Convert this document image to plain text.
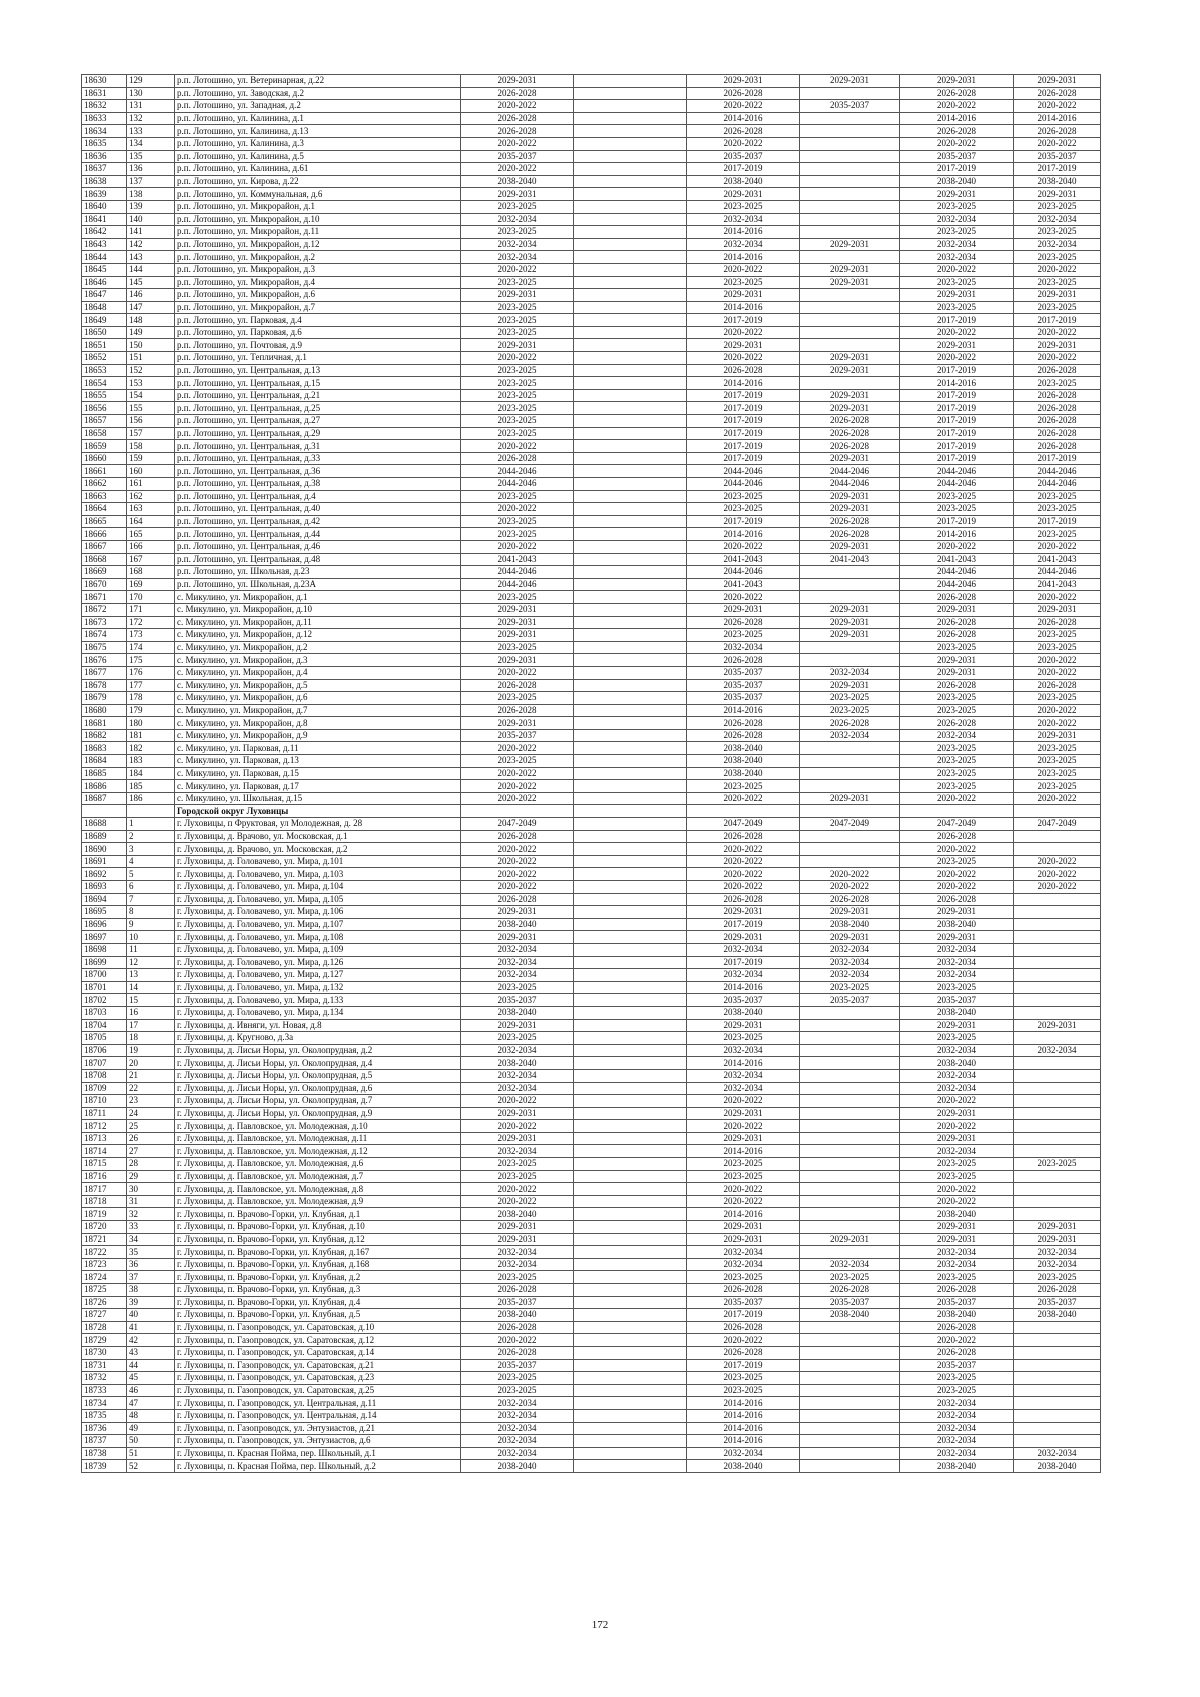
18630	129	р.п. Лотошино, ул. Ветеринарная, д.22	2029-2031		2029-2031	2029-2031	2029-2031	2029-2031
18631	130	р.п. Лотошино, ул. Заводская, д.2	2026-2028		2026-2028		2026-2028	2026-2028
18632	131	р.п. Лотошино, ул. Западная, д.2	2020-2022		2020-2022	2035-2037	2020-2022	2020-2022
18633	132	р.п. Лотошино, ул. Калинина, д.1	2026-2028		2014-2016		2014-2016	2014-2016
18634	133	р.п. Лотошино, ул. Калинина, д.13	2026-2028		2026-2028		2026-2028	2026-2028
18635	134	р.п. Лотошино, ул. Калинина, д.3	2020-2022		2020-2022		2020-2022	2020-2022
18636	135	р.п. Лотошино, ул. Калинина, д.5	2035-2037		2035-2037		2035-2037	2035-2037
18637	136	р.п. Лотошино, ул. Калинина, д.61	2020-2022		2017-2019		2017-2019	2017-2019
18638	137	р.п. Лотошино, ул. Кирова, д.22	2038-2040		2038-2040		2038-2040	2038-2040
18639	138	р.п. Лотошино, ул. Коммунальная, д.6	2029-2031		2029-2031		2029-2031	2029-2031
18640	139	р.п. Лотошино, ул. Микрорайон, д.1	2023-2025		2023-2025		2023-2025	2023-2025
18641	140	р.п. Лотошино, ул. Микрорайон, д.10	2032-2034		2032-2034		2032-2034	2032-2034
18642	141	р.п. Лотошино, ул. Микрорайон, д.11	2023-2025		2014-2016		2023-2025	2023-2025
18643	142	р.п. Лотошино, ул. Микрорайон, д.12	2032-2034		2032-2034	2029-2031	2032-2034	2032-2034
18644	143	р.п. Лотошино, ул. Микрорайон, д.2	2032-2034		2014-2016		2032-2034	2023-2025
18645	144	р.п. Лотошино, ул. Микрорайон, д.3	2020-2022		2020-2022	2029-2031	2020-2022	2020-2022
18646	145	р.п. Лотошино, ул. Микрорайон, д.4	2023-2025		2023-2025	2029-2031	2023-2025	2023-2025
18647	146	р.п. Лотошино, ул. Микрорайон, д.6	2029-2031		2029-2031		2029-2031	2029-2031
18648	147	р.п. Лотошино, ул. Микрорайон, д.7	2023-2025		2014-2016		2023-2025	2023-2025
18649	148	р.п. Лотошино, ул. Парковая, д.4	2023-2025		2017-2019		2017-2019	2017-2019
18650	149	р.п. Лотошино, ул. Парковая, д.6	2023-2025		2020-2022		2020-2022	2020-2022
18651	150	р.п. Лотошино, ул. Почтовая, д.9	2029-2031		2029-2031		2029-2031	2029-2031
18652	151	р.п. Лотошино, ул. Тепличная, д.1	2020-2022		2020-2022	2029-2031	2020-2022	2020-2022
18653	152	р.п. Лотошино, ул. Центральная, д.13	2023-2025		2026-2028	2029-2031	2017-2019	2026-2028
18654	153	р.п. Лотошино, ул. Центральная, д.15	2023-2025		2014-2016		2014-2016	2023-2025
18655	154	р.п. Лотошино, ул. Центральная, д.21	2023-2025		2017-2019	2029-2031	2017-2019	2026-2028
18656	155	р.п. Лотошино, ул. Центральная, д.25	2023-2025		2017-2019	2029-2031	2017-2019	2026-2028
18657	156	р.п. Лотошино, ул. Центральная, д.27	2023-2025		2017-2019	2026-2028	2017-2019	2026-2028
18658	157	р.п. Лотошино, ул. Центральная, д.29	2023-2025		2017-2019	2026-2028	2017-2019	2026-2028
18659	158	р.п. Лотошино, ул. Центральная, д.31	2020-2022		2017-2019	2026-2028	2017-2019	2026-2028
18660	159	р.п. Лотошино, ул. Центральная, д.33	2026-2028		2017-2019	2029-2031	2017-2019	2017-2019
18661	160	р.п. Лотошино, ул. Центральная, д.36	2044-2046		2044-2046	2044-2046	2044-2046	2044-2046
18662	161	р.п. Лотошино, ул. Центральная, д.38	2044-2046		2044-2046	2044-2046	2044-2046	2044-2046
18663	162	р.п. Лотошино, ул. Центральная, д.4	2023-2025		2023-2025	2029-2031	2023-2025	2023-2025
18664	163	р.п. Лотошино, ул. Центральная, д.40	2020-2022		2023-2025	2029-2031	2023-2025	2023-2025
18665	164	р.п. Лотошино, ул. Центральная, д.42	2023-2025		2017-2019	2026-2028	2017-2019	2017-2019
18666	165	р.п. Лотошино, ул. Центральная, д.44	2023-2025		2014-2016	2026-2028	2014-2016	2023-2025
18667	166	р.п. Лотошино, ул. Центральная, д.46	2020-2022		2020-2022	2029-2031	2020-2022	2020-2022
18668	167	р.п. Лотошино, ул. Центральная, д.48	2041-2043		2041-2043	2041-2043	2041-2043	2041-2043
18669	168	р.п. Лотошино, ул. Школьная, д.23	2044-2046		2044-2046		2044-2046	2044-2046
18670	169	р.п. Лотошино, ул. Школьная, д.23А	2044-2046		2041-2043		2044-2046	2041-2043
18671	170	с. Микулино, ул. Микрорайон, д.1	2023-2025		2020-2022		2026-2028	2020-2022
18672	171	с. Микулино, ул. Микрорайон, д.10	2029-2031		2029-2031	2029-2031	2029-2031	2029-2031
18673	172	с. Микулино, ул. Микрорайон, д.11	2029-2031		2026-2028	2029-2031	2026-2028	2026-2028
18674	173	с. Микулино, ул. Микрорайон, д.12	2029-2031		2023-2025	2029-2031	2026-2028	2023-2025
18675	174	с. Микулино, ул. Микрорайон, д.2	2023-2025		2032-2034		2023-2025	2023-2025
18676	175	с. Микулино, ул. Микрорайон, д.3	2029-2031		2026-2028		2029-2031	2020-2022
18677	176	с. Микулино, ул. Микрорайон, д.4	2020-2022		2035-2037	2032-2034	2029-2031	2020-2022
18678	177	с. Микулино, ул. Микрорайон, д.5	2026-2028		2035-2037	2029-2031	2026-2028	2026-2028
18679	178	с. Микулино, ул. Микрорайон, д.6	2023-2025		2035-2037	2023-2025	2023-2025	2023-2025
18680	179	с. Микулино, ул. Микрорайон, д.7	2026-2028		2014-2016	2023-2025	2023-2025	2020-2022
18681	180	с. Микулино, ул. Микрорайон, д.8	2029-2031		2026-2028	2026-2028	2026-2028	2020-2022
18682	181	с. Микулино, ул. Микрорайон, д.9	2035-2037		2026-2028	2032-2034	2032-2034	2029-2031
18683	182	с. Микулино, ул. Парковая, д.11	2020-2022		2038-2040		2023-2025	2023-2025
18684	183	с. Микулино, ул. Парковая, д.13	2023-2025		2038-2040		2023-2025	2023-2025
18685	184	с. Микулино, ул. Парковая, д.15	2020-2022		2038-2040		2023-2025	2023-2025
18686	185	с. Микулино, ул. Парковая, д.17	2020-2022		2023-2025		2023-2025	2023-2025
18687	186	с. Микулино, ул. Школьная, д.15	2020-2022		2020-2022	2029-2031	2020-2022	2020-2022
		Городской округ Луховицы						
18688	1	г. Луховицы, п Фруктовая, ул Молодежная, д. 28	2047-2049		2047-2049	2047-2049	2047-2049	2047-2049
18689	2	г. Луховицы, д. Врачово, ул. Московская, д.1	2026-2028		2026-2028		2026-2028	
18690	3	г. Луховицы, д. Врачово, ул. Московская, д.2	2020-2022		2020-2022		2020-2022	
18691	4	г. Луховицы, д. Головачево, ул. Мира, д.101	2020-2022		2020-2022		2023-2025	2020-2022
18692	5	г. Луховицы, д. Головачево, ул. Мира, д.103	2020-2022		2020-2022	2020-2022	2020-2022	2020-2022
18693	6	г. Луховицы, д. Головачево, ул. Мира, д.104	2020-2022		2020-2022	2020-2022	2020-2022	2020-2022
18694	7	г. Луховицы, д. Головачево, ул. Мира, д.105	2026-2028		2026-2028	2026-2028	2026-2028	
18695	8	г. Луховицы, д. Головачево, ул. Мира, д.106	2029-2031		2029-2031	2029-2031	2029-2031	
18696	9	г. Луховицы, д. Головачево, ул. Мира, д.107	2038-2040		2017-2019	2038-2040	2038-2040	
18697	10	г. Луховицы, д. Головачево, ул. Мира, д.108	2029-2031		2029-2031	2029-2031	2029-2031	
18698	11	г. Луховицы, д. Головачево, ул. Мира, д.109	2032-2034		2032-2034	2032-2034	2032-2034	
18699	12	г. Луховицы, д. Головачево, ул. Мира, д.126	2032-2034		2017-2019	2032-2034	2032-2034	
18700	13	г. Луховицы, д. Головачево, ул. Мира, д.127	2032-2034		2032-2034	2032-2034	2032-2034	
18701	14	г. Луховицы, д. Головачево, ул. Мира, д.132	2023-2025		2014-2016	2023-2025	2023-2025	
18702	15	г. Луховицы, д. Головачево, ул. Мира, д.133	2035-2037		2035-2037	2035-2037	2035-2037	
18703	16	г. Луховицы, д. Головачево, ул. Мира, д.134	2038-2040		2038-2040		2038-2040	
18704	17	г. Луховицы, д. Ивняги, ул. Новая, д.8	2029-2031		2029-2031		2029-2031	2029-2031
18705	18	г. Луховицы, д. Кругново, д.3а	2023-2025		2023-2025		2023-2025	
18706	19	г. Луховицы, д. Лисьи Норы, ул. Околопрудная, д.2	2032-2034		2032-2034		2032-2034	2032-2034
18707	20	г. Луховицы, д. Лисьи Норы, ул. Околопрудная, д.4	2038-2040		2014-2016		2038-2040	
18708	21	г. Луховицы, д. Лисьи Норы, ул. Околопрудная, д.5	2032-2034		2032-2034		2032-2034	
18709	22	г. Луховицы, д. Лисьи Норы, ул. Околопрудная, д.6	2032-2034		2032-2034		2032-2034	
18710	23	г. Луховицы, д. Лисьи Норы, ул. Околопрудная, д.7	2020-2022		2020-2022		2020-2022	
18711	24	г. Луховицы, д. Лисьи Норы, ул. Околопрудная, д.9	2029-2031		2029-2031		2029-2031	
18712	25	г. Луховицы, д. Павловское, ул. Молодежная, д.10	2020-2022		2020-2022		2020-2022	
18713	26	г. Луховицы, д. Павловское, ул. Молодежная, д.11	2029-2031		2029-2031		2029-2031	
18714	27	г. Луховицы, д. Павловское, ул. Молодежная, д.12	2032-2034		2014-2016		2032-2034	
18715	28	г. Луховицы, д. Павловское, ул. Молодежная, д.6	2023-2025		2023-2025		2023-2025	2023-2025
18716	29	г. Луховицы, д. Павловское, ул. Молодежная, д.7	2023-2025		2023-2025		2023-2025	
18717	30	г. Луховицы, д. Павловское, ул. Молодежная, д.8	2020-2022		2020-2022		2020-2022	
18718	31	г. Луховицы, д. Павловское, ул. Молодежная, д.9	2020-2022		2020-2022		2020-2022	
18719	32	г. Луховицы, п. Врачово-Горки, ул. Клубная, д.1	2038-2040		2014-2016		2038-2040	
18720	33	г. Луховицы, п. Врачово-Горки, ул. Клубная, д.10	2029-2031		2029-2031		2029-2031	2029-2031
18721	34	г. Луховицы, п. Врачово-Горки, ул. Клубная, д.12	2029-2031		2029-2031	2029-2031	2029-2031	2029-2031
18722	35	г. Луховицы, п. Врачово-Горки, ул. Клубная, д.167	2032-2034		2032-2034		2032-2034	2032-2034
18723	36	г. Луховицы, п. Врачово-Горки, ул. Клубная, д.168	2032-2034		2032-2034	2032-2034	2032-2034	2032-2034
18724	37	г. Луховицы, п. Врачово-Горки, ул. Клубная, д.2	2023-2025		2023-2025	2023-2025	2023-2025	2023-2025
18725	38	г. Луховицы, п. Врачово-Горки, ул. Клубная, д.3	2026-2028		2026-2028	2026-2028	2026-2028	2026-2028
18726	39	г. Луховицы, п. Врачово-Горки, ул. Клубная, д.4	2035-2037		2035-2037	2035-2037	2035-2037	2035-2037
18727	40	г. Луховицы, п. Врачово-Горки, ул. Клубная, д.5	2038-2040		2017-2019	2038-2040	2038-2040	2038-2040
18728	41	г. Луховицы, п. Газопроводск, ул. Саратовская, д.10	2026-2028		2026-2028		2026-2028	
18729	42	г. Луховицы, п. Газопроводск, ул. Саратовская, д.12	2020-2022		2020-2022		2020-2022	
18730	43	г. Луховицы, п. Газопроводск, ул. Саратовская, д.14	2026-2028		2026-2028		2026-2028	
18731	44	г. Луховицы, п. Газопроводск, ул. Саратовская, д.21	2035-2037		2017-2019		2035-2037	
18732	45	г. Луховицы, п. Газопроводск, ул. Саратовская, д.23	2023-2025		2023-2025		2023-2025	
18733	46	г. Луховицы, п. Газопроводск, ул. Саратовская, д.25	2023-2025		2023-2025		2023-2025	
18734	47	г. Луховицы, п. Газопроводск, ул. Центральная, д.11	2032-2034		2014-2016		2032-2034	
18735	48	г. Луховицы, п. Газопроводск, ул. Центральная, д.14	2032-2034		2014-2016		2032-2034	
18736	49	г. Луховицы, п. Газопроводск, ул. Энтузиастов, д.21	2032-2034		2014-2016		2032-2034	
18737	50	г. Луховицы, п. Газопроводск, ул. Энтузиастов, д.6	2032-2034		2014-2016		2032-2034	
18738	51	г. Луховицы, п. Красная Пойма, пер. Школьный, д.1	2032-2034		2032-2034		2032-2034	2032-2034
18739	52	г. Луховицы, п. Красная Пойма, пер. Школьный, д.2	2038-2040		2038-2040		2038-2040	2038-2040
172
